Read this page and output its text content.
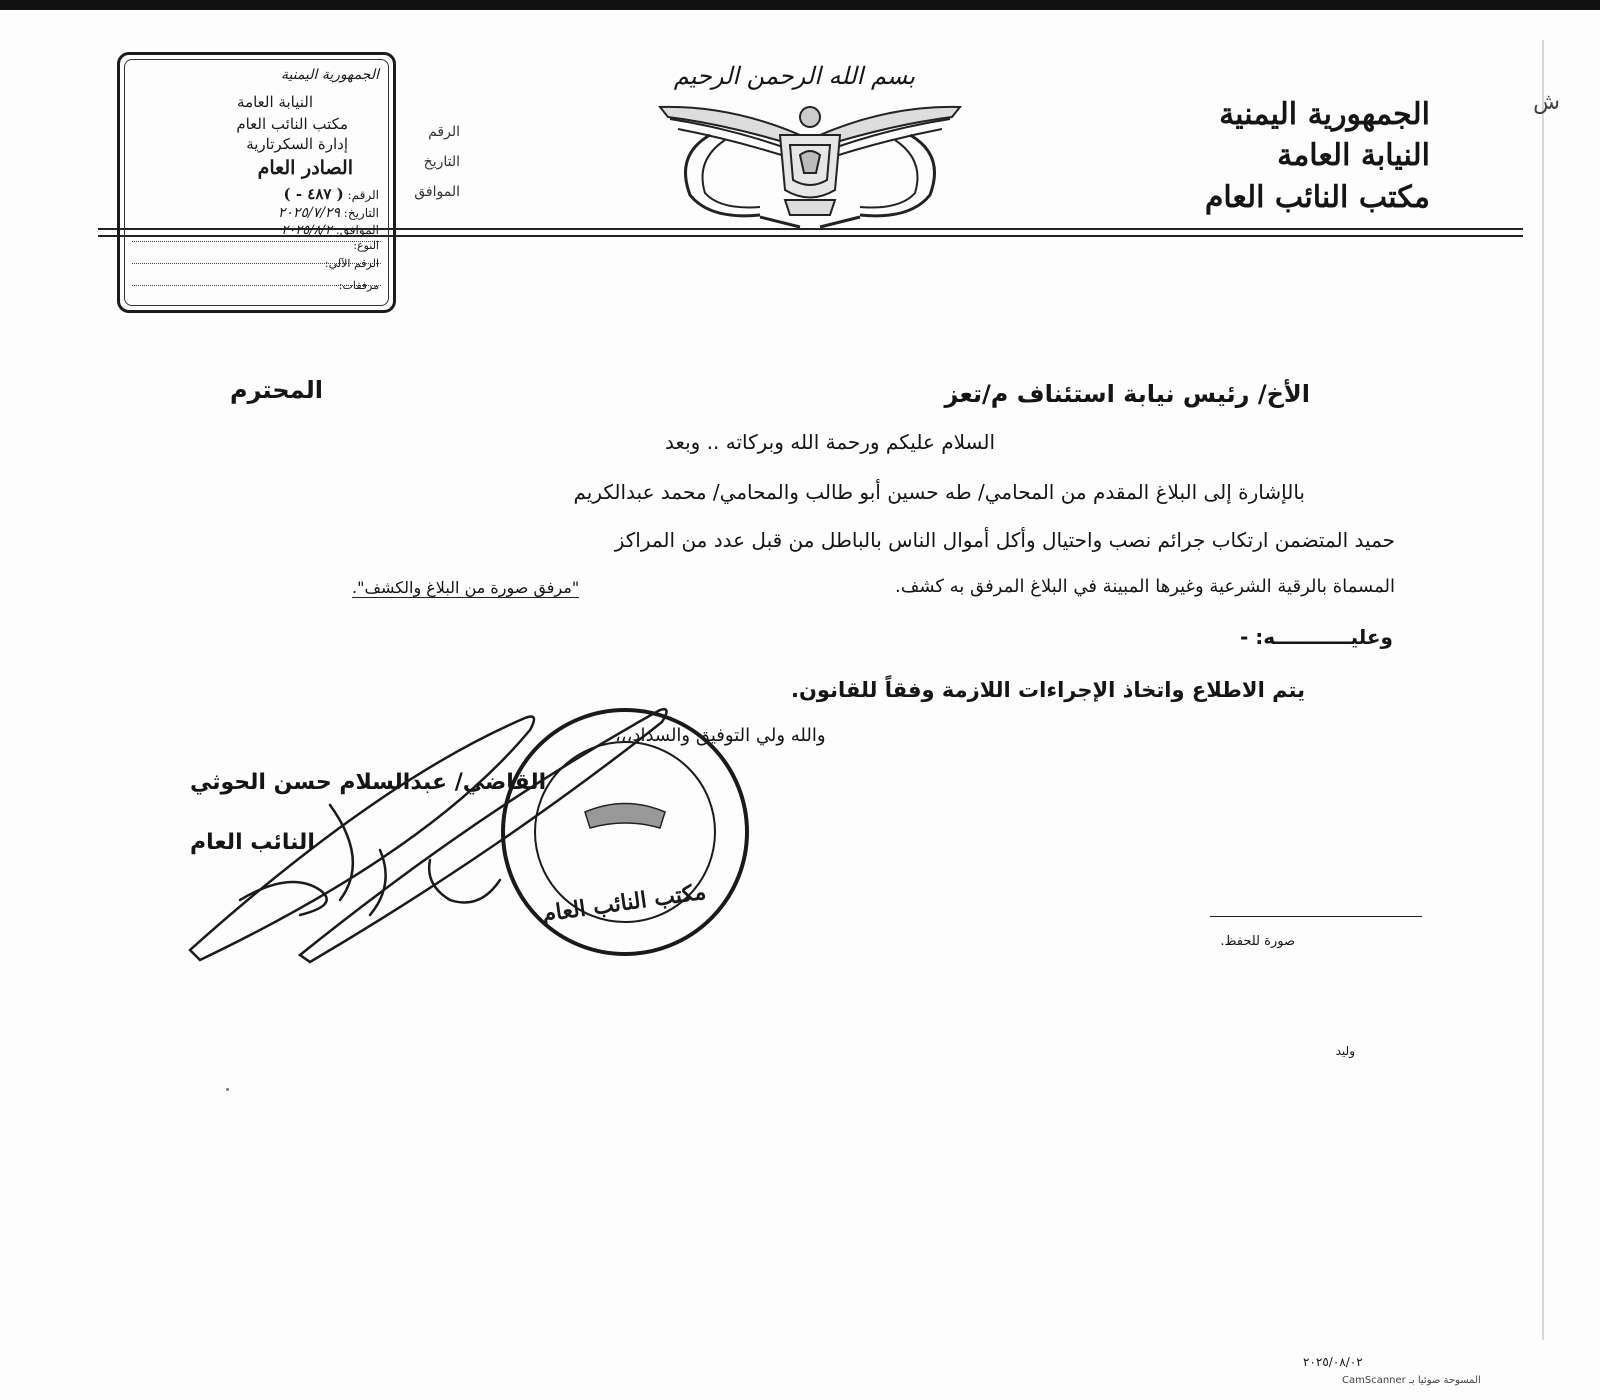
الجمهورية اليمنية
النيابة العامة
مكتب النائب العام
ش
بسم الله الرحمن الرحيم
الرقم
التاريخ
الموافق
الجمهورية اليمنية
النيابة العامة
مكتب النائب العام
إدارة السكرتارية
الصادر العام
الرقم: ( ٤٨٧ - )
التاريخ: ٢٠٢٥/٧/٢٩
الموافق: ٢٠٢٥/٨/٢
النوع:
الرقم الآلي:
مرفقات:
الأخ/ رئيس نيابة استئناف م/تعز
المحترم
السلام عليكم ورحمة الله وبركاته .. وبعد
بالإشارة إلى البلاغ المقدم من المحامي/ طه حسين أبو طالب والمحامي/ محمد عبدالكريم
حميد المتضمن ارتكاب جرائم نصب واحتيال وأكل أموال الناس بالباطل من قبل عدد من المراكز
المسماة بالرقية الشرعية وغيرها المبينة في البلاغ المرفق به كشف.
"مرفق صورة من البلاغ والكشف".
وعليـــــــــــه: -
يتم الاطلاع واتخاذ الإجراءات اللازمة وفقاً للقانون.
والله ولي التوفيق والسداد،،،
القاضي/ عبدالسلام حسن الحوثي
النائب العام
مكتب النائب العام
صورة للحفظ.
وليد
٢٠٢٥/٠٨/٠٢
CamScanner المسوحة ضوئيا بـ
